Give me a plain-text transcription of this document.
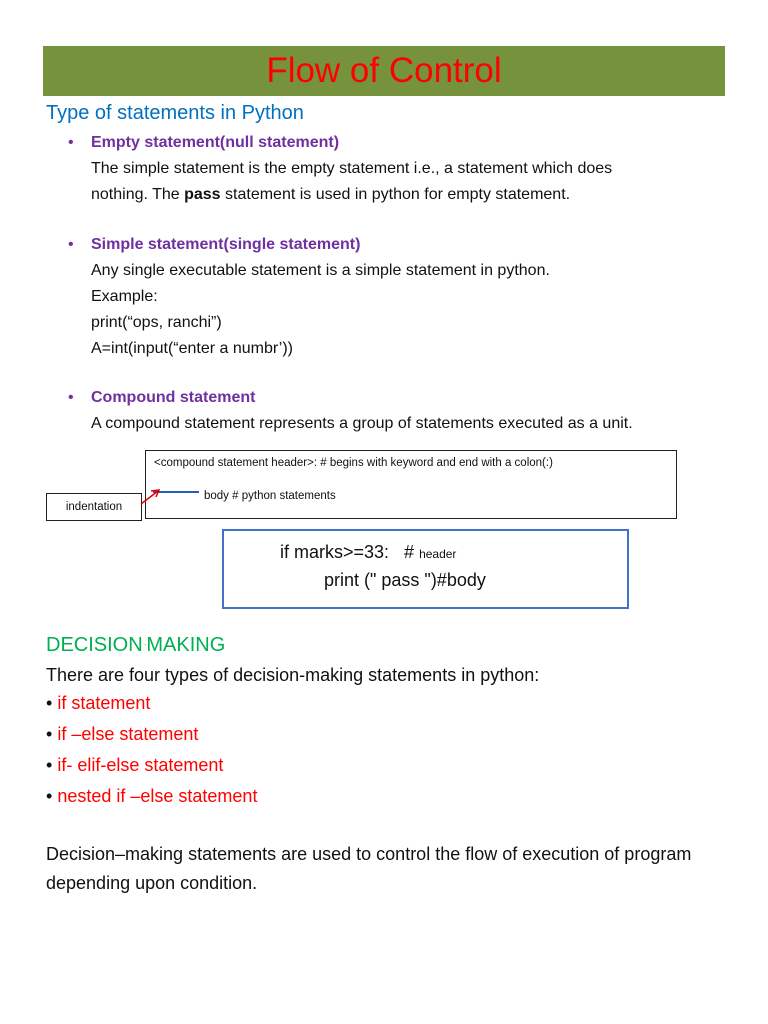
Flow of Control
Type of statements in Python
• Empty statement(null statement)
The simple statement is the empty statement i.e., a statement which does
nothing. The pass statement is used in python for empty statement.
• Simple statement(single statement)
Any single executable statement is a simple statement in python.
Example:
print(“ops, ranchi”)
A=int(input(“enter a numbr’))
• Compound statement
A compound statement represents a group of statements executed as a unit.
<compound statement header>: # begins with keyword and end with a colon(:)
body # python statements
indentation
if marks>=33:   # header
print (" pass ")#body
DECISION -MAKING
There are four types of decision-making statements in python:
• if statement
• if –else statement
• if- elif-else statement
• nested if –else statement
Decision–making statements are used to control the flow of execution of program depending upon condition.
